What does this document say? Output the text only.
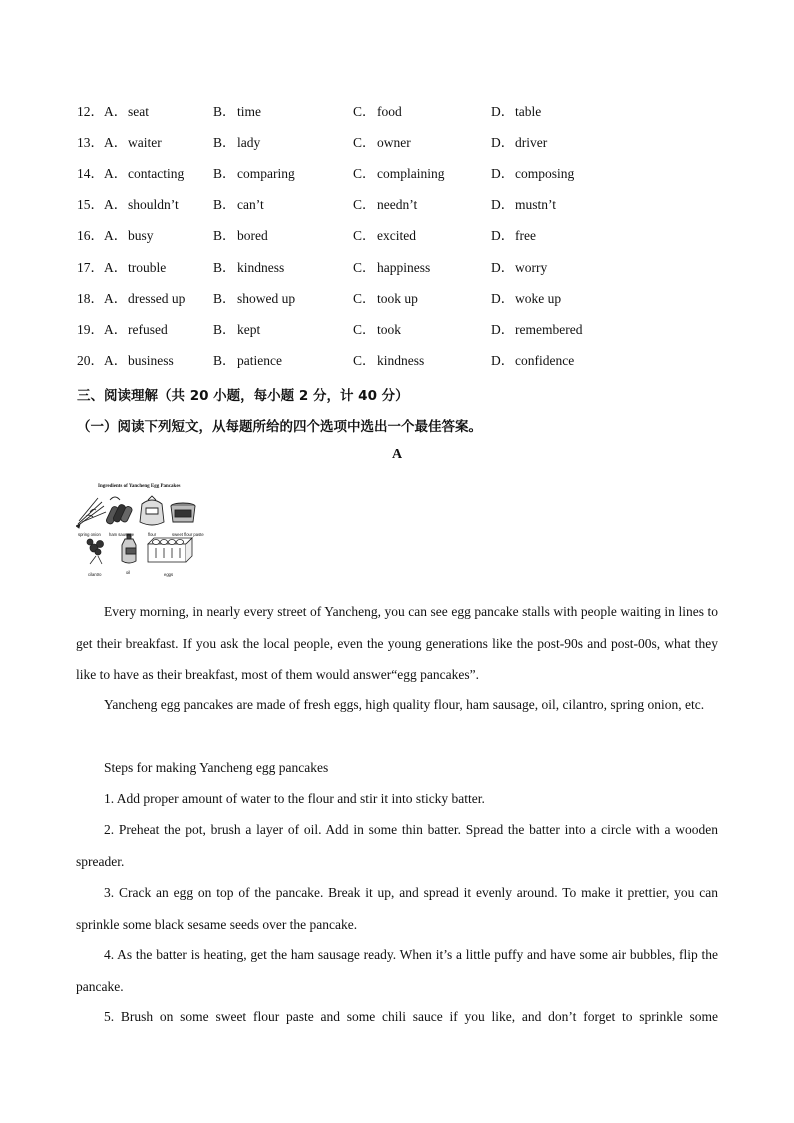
12． A．seat	B．time	C．food	D．table
13． A．waiter	B．lady	C．owner	D．driver
14． A．contacting B．comparing	C．complaining	D．composing
15． A．shouldn’t	B．can’t	C．needn’t	D．mustn’t
16． A．busy	B．bored	C．excited	D．free
17． A．trouble	B．kindness	C．happiness	D．worry
18． A．dressed up B．showed up	C．took up	D．woke up
19． A．refused	B．kept	C．took	D．remembered
20． A．business	B．patience	C．kindness	D．confidence
三、阅读理解（共 20 小题，每小题 2 分，计 40 分）
（一）阅读下列短文，从每题所给的四个选项中选出一个最佳答案。
A
Ingredients of Yancheng Egg Pancakes
spring onion ham sausage	flour	sweet flour paste
cilantro	oil	eggs

Every morning, in nearly every street of Yancheng, you can see egg pancake stalls with people waiting in lines to get their breakfast. If you ask the local people, even the young generations like the post-90s and post-00s, what they like to have as their breakfast, most of them would answer“egg pancakes”.

Yancheng egg pancakes are made of fresh eggs, high quality flour, ham sausage, oil, cilantro, spring onion, etc.

Steps for making Yancheng egg pancakes

1. Add proper amount of water to the flour and stir it into sticky batter.

2. Preheat the pot, brush a layer of oil. Add in some thin batter. Spread the batter into a circle with a wooden spreader.

3. Crack an egg on top of the pancake. Break it up, and spread it evenly around. To make it prettier, you can sprinkle some black sesame seeds over the pancake.

4. As the batter is heating, get the ham sausage ready. When it’s a little puffy and have some air bubbles, flip the pancake.

5. Brush on some sweet flour paste and some chili sauce if you like, and don’t forget to sprinkle some
